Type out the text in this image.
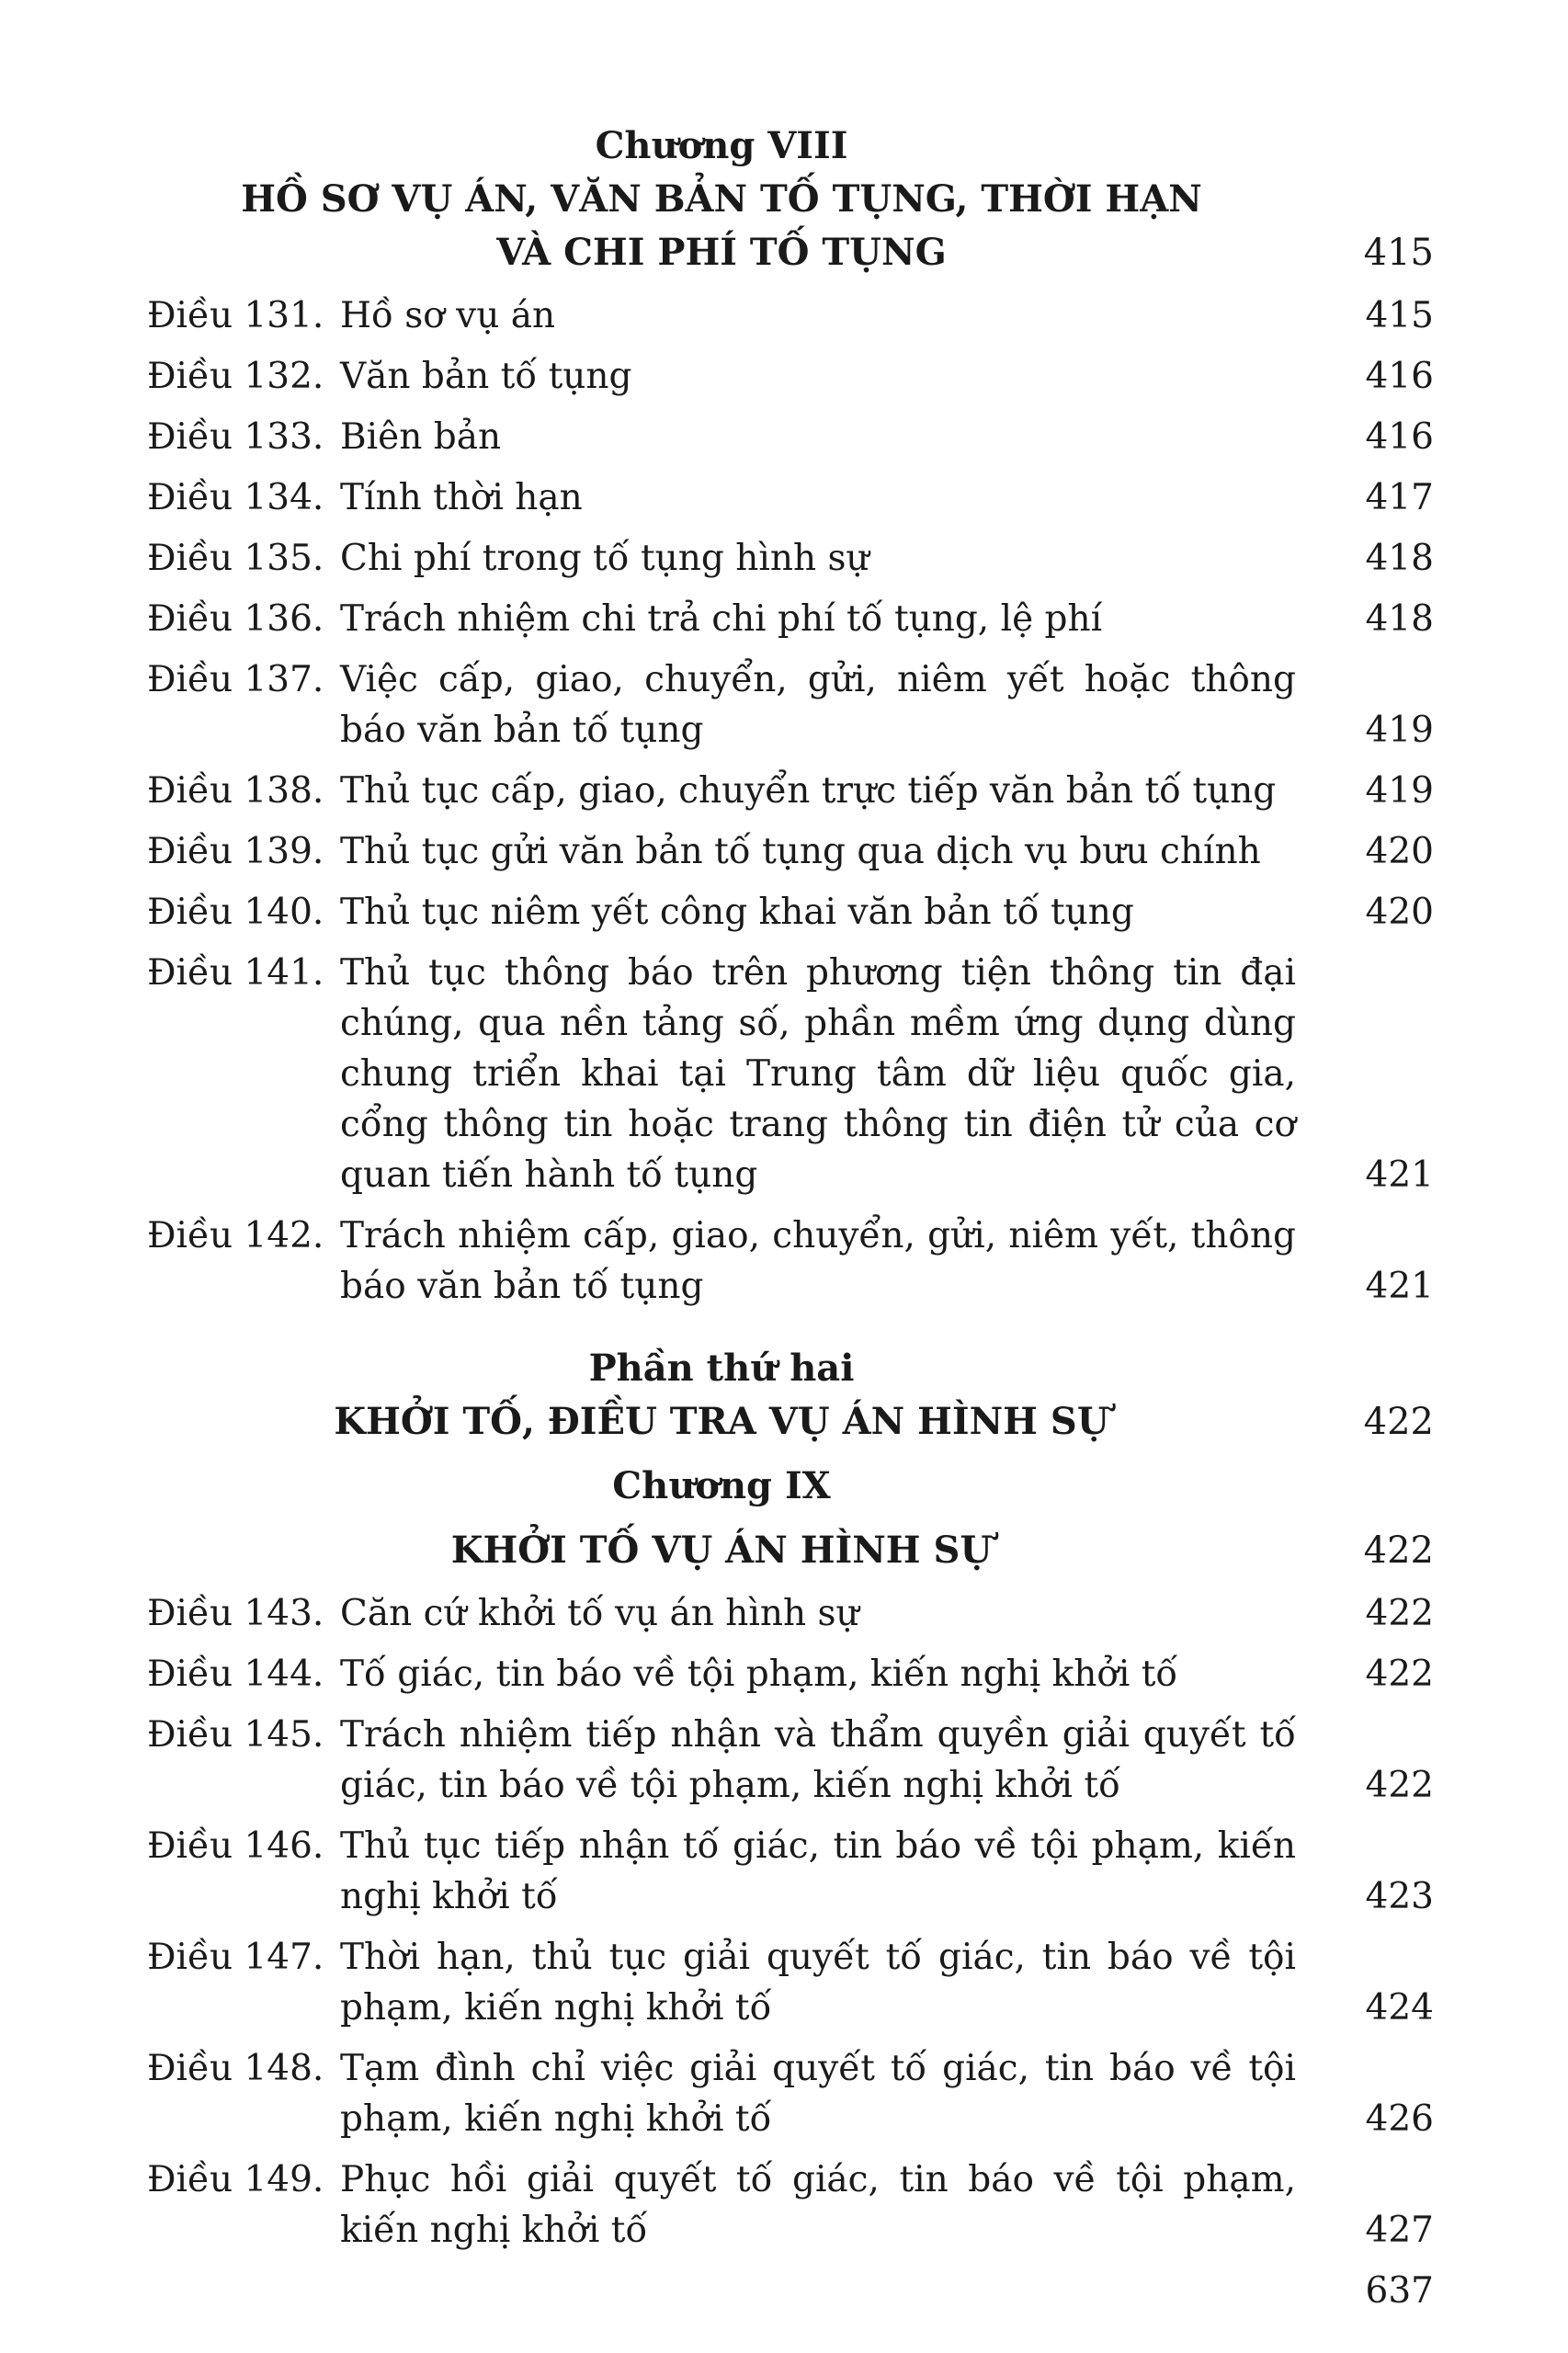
Chương VIII
HỒ SƠ VỤ ÁN, VĂN BẢN TỐ TỤNG, THỜI HẠN
VÀ CHI PHÍ TỐ TỤNG	415
Điều 131. Hồ sơ vụ án	415
Điều 132. Văn bản tố tụng	416
Điều 133. Biên bản	416
Điều 134. Tính thời hạn	417
Điều 135. Chi phí trong tố tụng hình sự	418
Điều 136. Trách nhiệm chi trả chi phí tố tụng, lệ phí	418
Điều 137. Việc cấp, giao, chuyển, gửi, niêm yết hoặc thông báo văn bản tố tụng	419
Điều 138. Thủ tục cấp, giao, chuyển trực tiếp văn bản tố tụng	419
Điều 139. Thủ tục gửi văn bản tố tụng qua dịch vụ bưu chính	420
Điều 140. Thủ tục niêm yết công khai văn bản tố tụng	420
Điều 141. Thủ tục thông báo trên phương tiện thông tin đại chúng, qua nền tảng số, phần mềm ứng dụng dùng chung triển khai tại Trung tâm dữ liệu quốc gia, cổng thông tin hoặc trang thông tin điện tử của cơ quan tiến hành tố tụng	421
Điều 142. Trách nhiệm cấp, giao, chuyển, gửi, niêm yết, thông báo văn bản tố tụng	421
Phần thứ hai
KHỞI TỐ, ĐIỀU TRA VỤ ÁN HÌNH SỰ	422
Chương IX
KHỞI TỐ VỤ ÁN HÌNH SỰ	422
Điều 143. Căn cứ khởi tố vụ án hình sự	422
Điều 144. Tố giác, tin báo về tội phạm, kiến nghị khởi tố	422
Điều 145. Trách nhiệm tiếp nhận và thẩm quyền giải quyết tố giác, tin báo về tội phạm, kiến nghị khởi tố	422
Điều 146. Thủ tục tiếp nhận tố giác, tin báo về tội phạm, kiến nghị khởi tố	423
Điều 147. Thời hạn, thủ tục giải quyết tố giác, tin báo về tội phạm, kiến nghị khởi tố	424
Điều 148. Tạm đình chỉ việc giải quyết tố giác, tin báo về tội phạm, kiến nghị khởi tố	426
Điều 149. Phục hồi giải quyết tố giác, tin báo về tội phạm, kiến nghị khởi tố	427
637
